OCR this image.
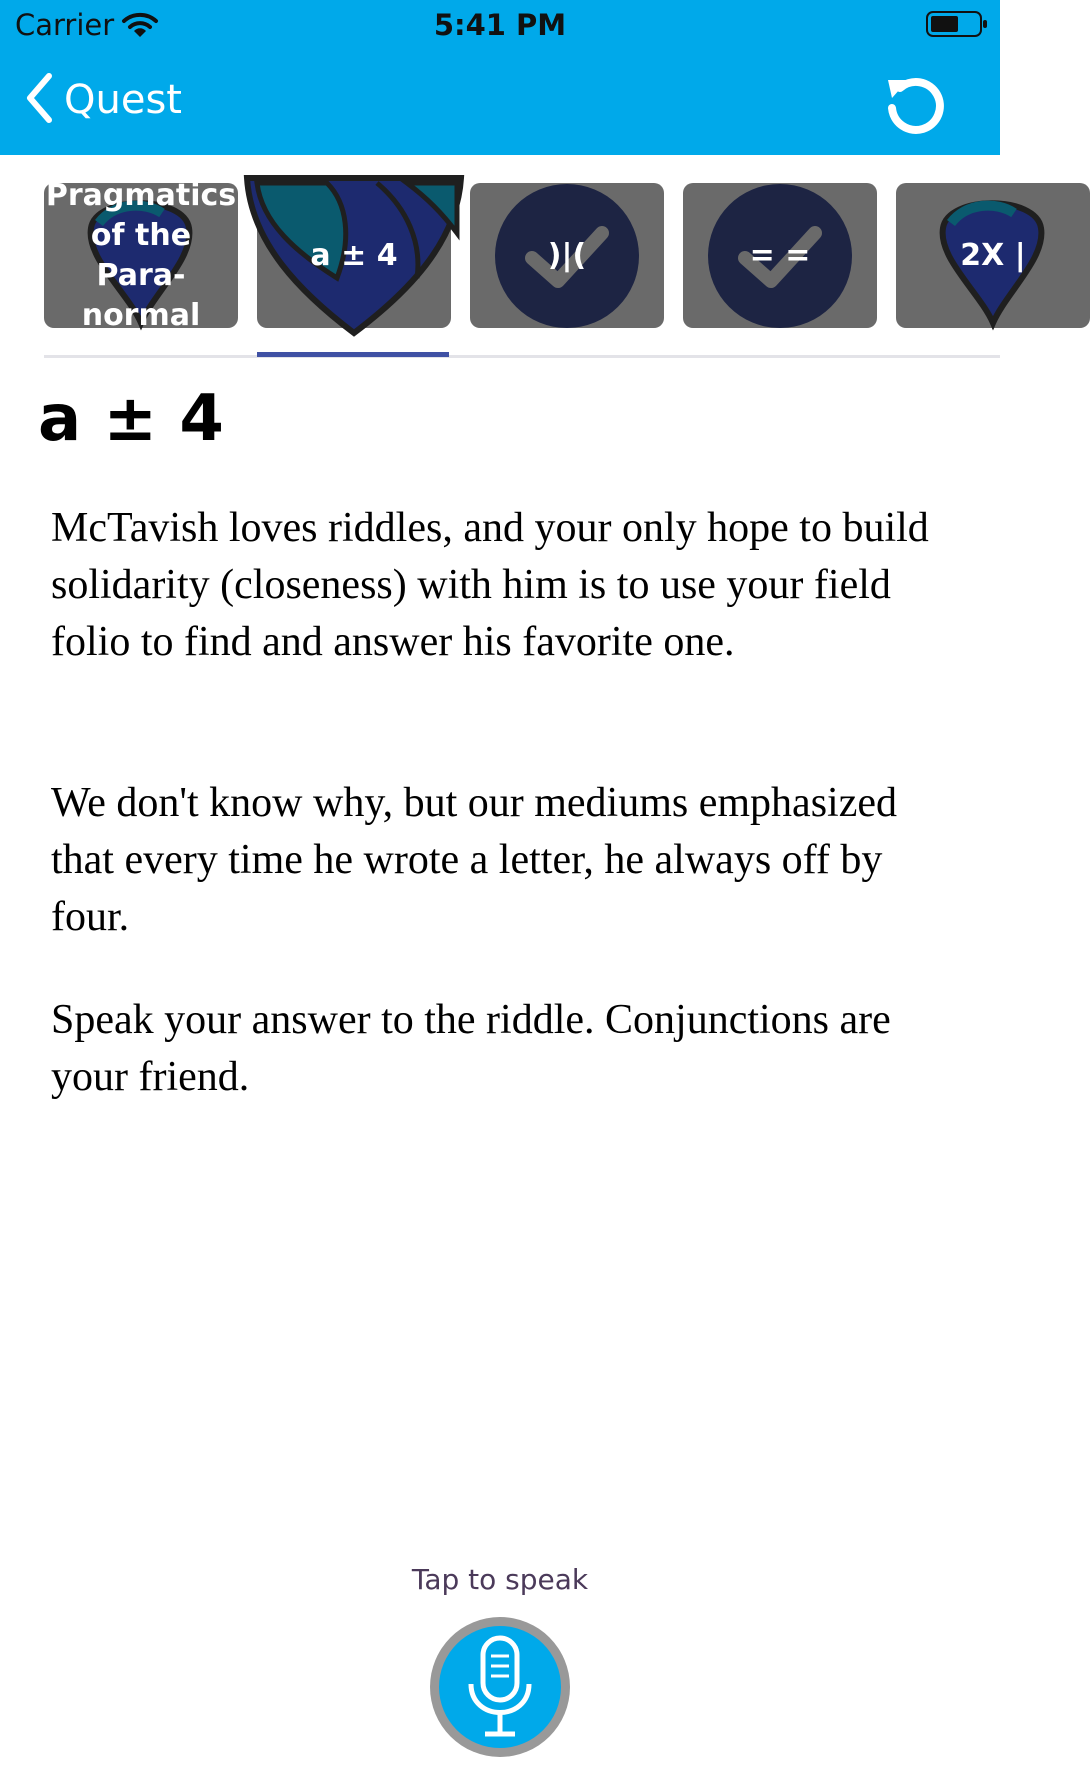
Carrier	5:41 PM
Quest
Pragmatics
of the Para-
normal
a ± 4	)|(	= =	2X |
a ± 4

McTavish loves riddles, and your only hope to build solidarity (closeness) with him is to use your field folio to find and answer his favorite one.

We don't know why, but our mediums emphasized that every time he wrote a letter, he always off by four.

Speak your answer to the riddle. Conjunctions are your friend.

Tap to speak
